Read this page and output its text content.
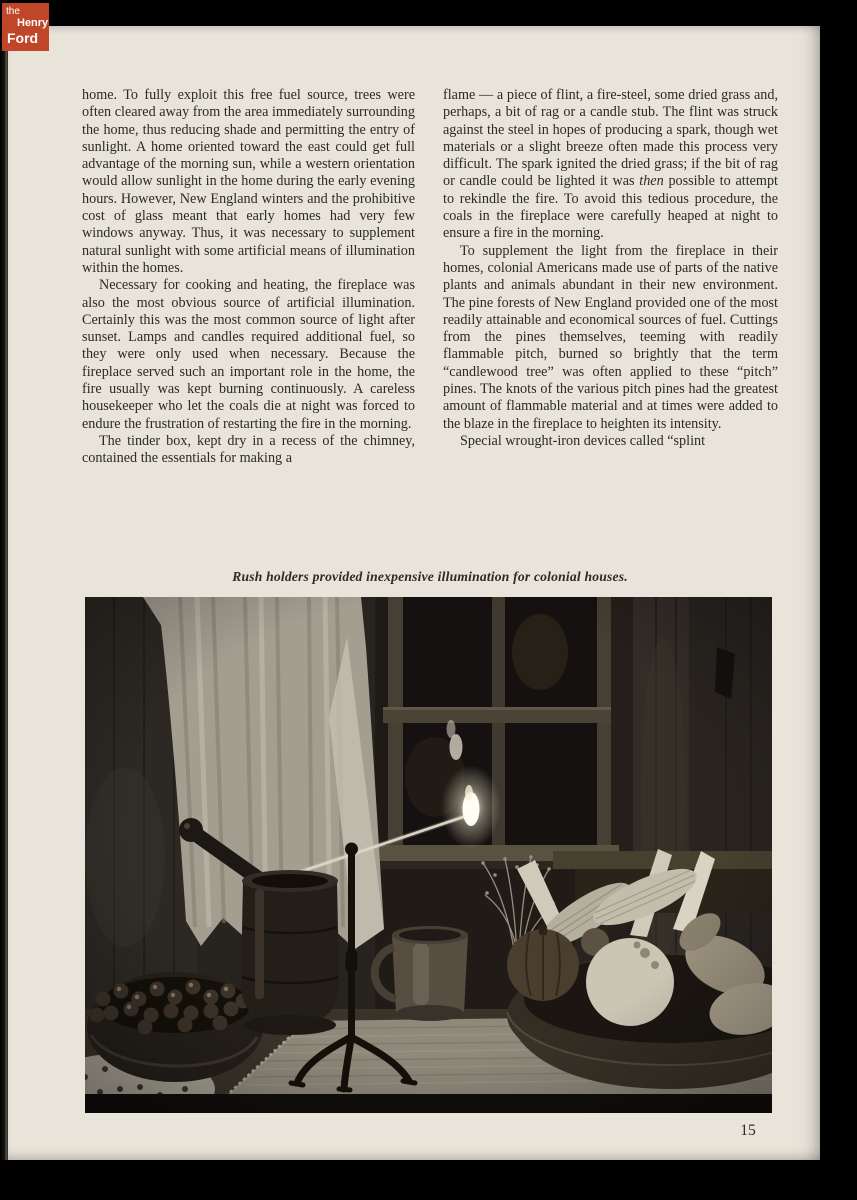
home. To fully exploit this free fuel source, trees were often cleared away from the area immediately surrounding the home, thus reducing shade and permitting the entry of sunlight. A home oriented toward the east could get full advantage of the morning sun, while a western orientation would allow sunlight in the home during the early evening hours. However, New England winters and the prohibitive cost of glass meant that early homes had very few windows anyway. Thus, it was necessary to supplement natural sunlight with some artificial means of illumination within the homes.

Necessary for cooking and heating, the fireplace was also the most obvious source of artificial illumination. Certainly this was the most common source of light after sunset. Lamps and candles required additional fuel, so they were only used when necessary. Because the fireplace served such an important role in the home, the fire usually was kept burning continuously. A careless housekeeper who let the coals die at night was forced to endure the frustration of restarting the fire in the morning.

The tinder box, kept dry in a recess of the chimney, contained the essentials for making a

flame — a piece of flint, a fire-steel, some dried grass and, perhaps, a bit of rag or a candle stub. The flint was struck against the steel in hopes of producing a spark, though wet materials or a slight breeze often made this process very difficult. The spark ignited the dried grass; if the bit of rag or candle could be lighted it was then possible to attempt to rekindle the fire. To avoid this tedious procedure, the coals in the fireplace were carefully heaped at night to ensure a fire in the morning.

To supplement the light from the fireplace in their homes, colonial Americans made use of parts of the native plants and animals abundant in their new environment. The pine forests of New England provided one of the most readily attainable and economical sources of fuel. Cuttings from the pines themselves, teeming with readily flammable pitch, burned so brightly that the term “candlewood tree” was often applied to these “pitch” pines. The knots of the various pitch pines had the greatest amount of flammable material and at times were added to the blaze in the fireplace to heighten its intensity.

Special wrought-iron devices called “splint

Rush holders provided inexpensive illumination for colonial houses.
15
the
Henry
Ford
